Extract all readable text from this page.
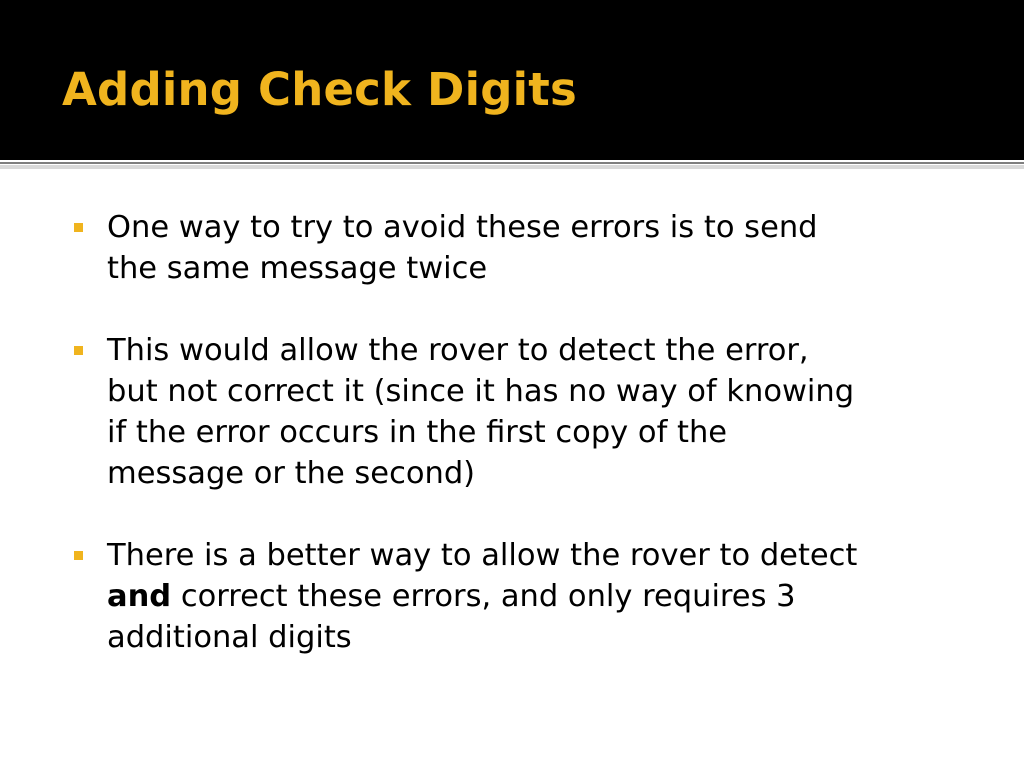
Adding Check Digits
One way to try to avoid these errors is to send
the same message twice
This would allow the rover to detect the error,
but not correct it (since it has no way of knowing
if the error occurs in the first copy of the
message or the second)
There is a better way to allow the rover to detect
and correct these errors, and only requires 3
additional digits
